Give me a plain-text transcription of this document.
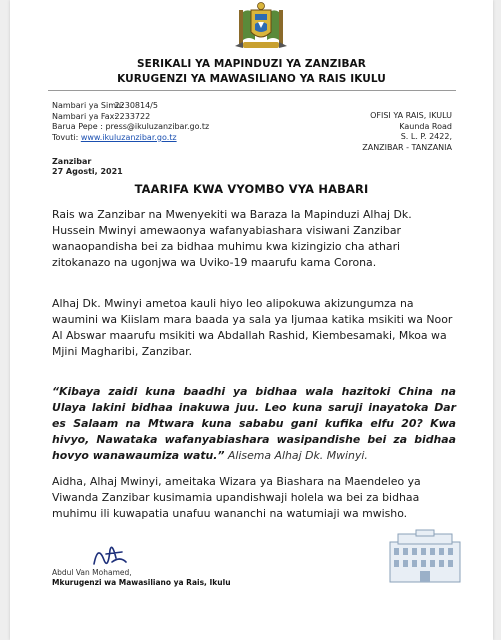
SERIKALI YA MAPINDUZI YA ZANZIBAR
KURUGENZI YA MAWASILIANO YA RAIS IKULU
Nambari ya Simu: 2230814/5
Nambari ya Fax: 2233722
Barua Pepe : press@ikuluzanzibar.go.tz
Tovuti: www.ikuluzanzibar.go.tz
OFISI YA RAIS, IKULU
Kaunda Road
S. L. P. 2422,
ZANZIBAR - TANZANIA
Zanzibar
27 Agosti, 2021
TAARIFA KWA VYOMBO VYA HABARI
Rais wa Zanzibar na Mwenyekiti wa Baraza la Mapinduzi Alhaj Dk. Hussein Mwinyi amewaonya wafanyabiashara visiwani Zanzibar wanaopandisha bei za bidhaa muhimu kwa kizingizio cha athari zitokanazo na ugonjwa wa Uviko-19 maarufu kama Corona.
Alhaj Dk. Mwinyi ametoa kauli hiyo leo alipokuwa akizungumza na waumini wa Kiislam mara baada ya sala ya Ijumaa katika msikiti wa Noor Al Abswar maarufu msikiti wa Abdallah Rashid, Kiembesamaki, Mkoa wa Mjini Magharibi, Zanzibar.
“Kibaya zaidi kuna baadhi ya bidhaa wala hazitoki China na Ulaya lakini bidhaa inakuwa juu. Leo kuna saruji inayatoka Dar es Salaam na Mtwara kuna sababu gani kufika elfu 20? Kwa hivyo, Nawataka wafanyabiashara wasipandishe bei za bidhaa hovyo wanawaumiza watu.” Alisema Alhaj Dk. Mwinyi.
Aidha, Alhaj Mwinyi, ameitaka Wizara ya Biashara na Maendeleo ya Viwanda Zanzibar kusimamia upandishwaji holela wa bei za bidhaa muhimu ili kuwapatia unafuu wananchi na watumiaji wa mwisho.
Abdul Van Mohamed,
Mkurugenzi wa Mawasiliano ya Rais, Ikulu
